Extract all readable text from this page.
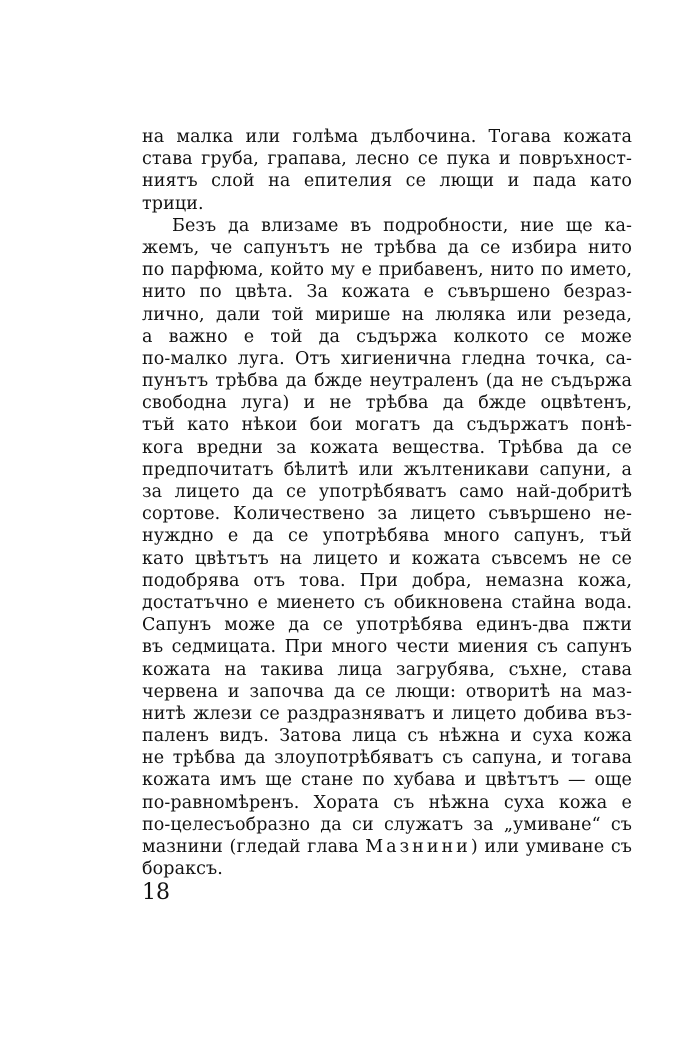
на малка или голѣма дълбочина. Тогава кожата
става груба, грапава, лесно се пука и повръхност-
ниятъ слой на епителия се лющи и пада като
трици.
Безъ да влизаме въ подробности, ние ще ка-
жемъ, че сапунътъ не трѣбва да се избира нито
по парфюма, който му е прибавенъ, нито по името,
нито по цвѣта. За кожата е съвършено безраз-
лично, дали той мирише на люляка или резеда,
а важно е той да съдържа колкото се може
по-малко луга. Отъ хигиенична гледна точка, са-
пунътъ трѣбва да бжде неутраленъ (да не съдържа
свободна луга) и не трѣбва да бжде оцвѣтенъ,
тъй като нѣкои бои могатъ да съдържатъ понѣ-
кога вредни за кожата вещества. Трѣбва да се
предпочитатъ бѣлитѣ или жълтеникави сапуни, а
за лицето да се употрѣбяватъ само най-добритѣ
сортове. Количествено за лицето съвършено не-
нуждно е да се употрѣбява много сапунъ, тъй
като цвѣтътъ на лицето и кожата съвсемъ не се
подобрява отъ това. При добра, немазна кожа,
достатъчно е миенето съ обикновена стайна вода.
Сапунъ може да се употрѣбява единъ-два пжти
въ седмицата. При много чести миения съ сапунъ
кожата на такива лица загрубява, съхне, става
червена и започва да се лющи: отворитѣ на маз-
нитѣ жлези се раздразняватъ и лицето добива въз-
паленъ видъ. Затова лица съ нѣжна и суха кожа
не трѣбва да злоупотрѣбяватъ съ сапуна, и тогава
кожата имъ ще стане по хубава и цвѣтътъ — още
по-равномѣренъ. Хората съ нѣжна суха кожа е
по-целесъобразно да си служатъ за „умиване“ съ
мазнини (гледай глава Мазнини) или умиване съ
бораксъ.
18
